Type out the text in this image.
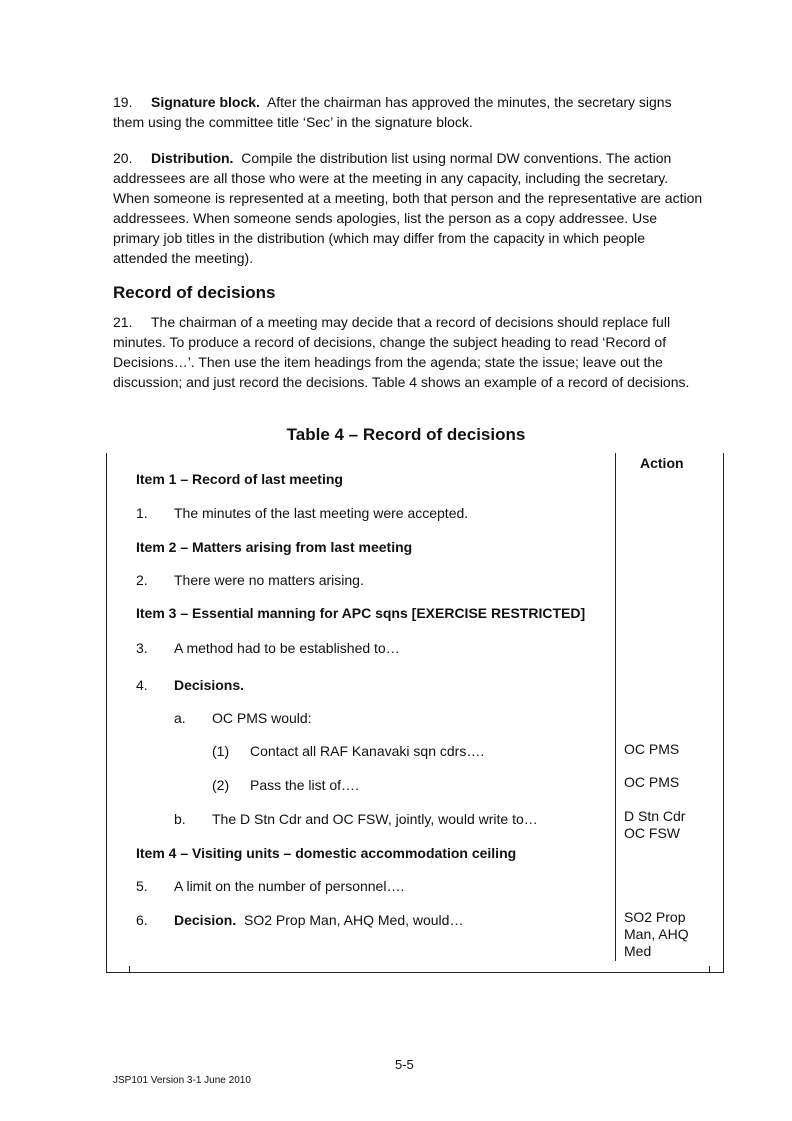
19. Signature block. After the chairman has approved the minutes, the secretary signs them using the committee title ‘Sec’ in the signature block.
20. Distribution. Compile the distribution list using normal DW conventions. The action addressees are all those who were at the meeting in any capacity, including the secretary. When someone is represented at a meeting, both that person and the representative are action addressees. When someone sends apologies, list the person as a copy addressee. Use primary job titles in the distribution (which may differ from the capacity in which people attended the meeting).
Record of decisions
21. The chairman of a meeting may decide that a record of decisions should replace full minutes. To produce a record of decisions, change the subject heading to read ‘Record of Decisions…’. Then use the item headings from the agenda; state the issue; leave out the discussion; and just record the decisions. Table 4 shows an example of a record of decisions.
Table 4 – Record of decisions
Action
Item 1 – Record of last meeting
1. The minutes of the last meeting were accepted.
Item 2 – Matters arising from last meeting
2. There were no matters arising.
Item 3 – Essential manning for APC sqns [EXERCISE RESTRICTED]
3. A method had to be established to…
4. Decisions.
a. OC PMS would:
(1) Contact all RAF Kanavaki sqn cdrs….	OC PMS
(2) Pass the list of….	OC PMS
b. The D Stn Cdr and OC FSW, jointly, would write to…	D Stn Cdr
OC FSW
Item 4 – Visiting units – domestic accommodation ceiling
5. A limit on the number of personnel….
6. Decision. SO2 Prop Man, AHQ Med, would…	SO2 Prop
Man, AHQ
Med
5-5
JSP101 Version 3-1 June 2010
